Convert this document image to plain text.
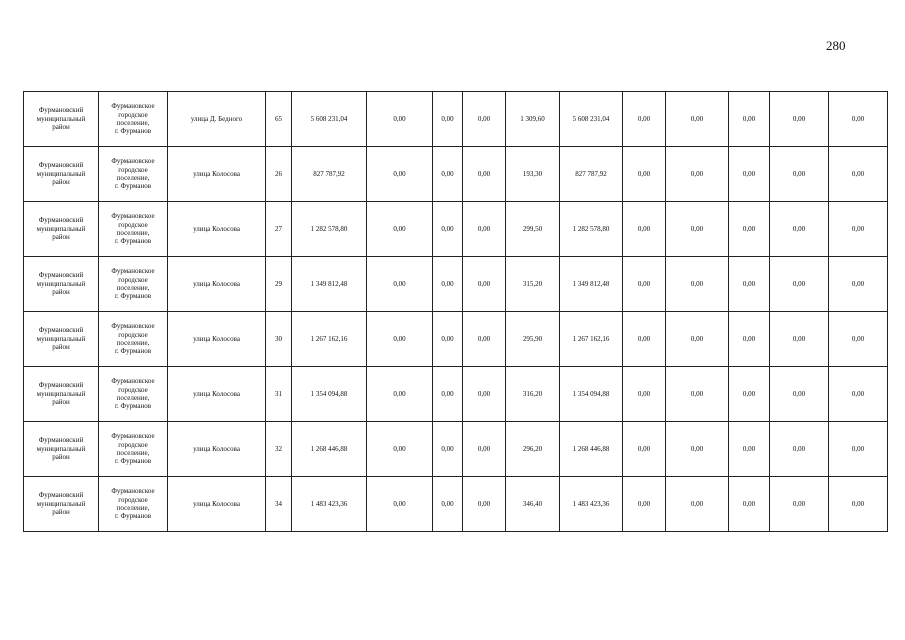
280
Фурмановский
муниципальный
район	Фурмановское
городское
поселение,
г. Фурманов	улица Д. Бедного	65	5 608 231,04	0,00	0,00	0,00	1 309,60	5 608 231,04	0,00	0,00	0,00	0,00	0,00

Фурмановский
муниципальный
район	Фурмановское
городское
поселение,
г. Фурманов	улица Колосова	26	827 787,92	0,00	0,00	0,00	193,30	827 787,92	0,00	0,00	0,00	0,00	0,00

Фурмановский
муниципальный
район	Фурмановское
городское
поселение,
г. Фурманов	улица Колосова	27	1 282 578,80	0,00	0,00	0,00	299,50	1 282 578,80	0,00	0,00	0,00	0,00	0,00

Фурмановский
муниципальный
район	Фурмановское
городское
поселение,
г. Фурманов	улица Колосова	29	1 349 812,48	0,00	0,00	0,00	315,20	1 349 812,48	0,00	0,00	0,00	0,00	0,00

Фурмановский
муниципальный
район	Фурмановское
городское
поселение,
г. Фурманов	улица Колосова	30	1 267 162,16	0,00	0,00	0,00	295,90	1 267 162,16	0,00	0,00	0,00	0,00	0,00

Фурмановский
муниципальный
район	Фурмановское
городское
поселение,
г. Фурманов	улица Колосова	31	1 354 094,88	0,00	0,00	0,00	316,20	1 354 094,88	0,00	0,00	0,00	0,00	0,00

Фурмановский
муниципальный
район	Фурмановское
городское
поселение,
г. Фурманов	улица Колосова	32	1 268 446,88	0,00	0,00	0,00	296,20	1 268 446,88	0,00	0,00	0,00	0,00	0,00

Фурмановский
муниципальный
район	Фурмановское
городское
поселение,
г. Фурманов	улица Колосова	34	1 483 423,36	0,00	0,00	0,00	346,40	1 483 423,36	0,00	0,00	0,00	0,00	0,00
